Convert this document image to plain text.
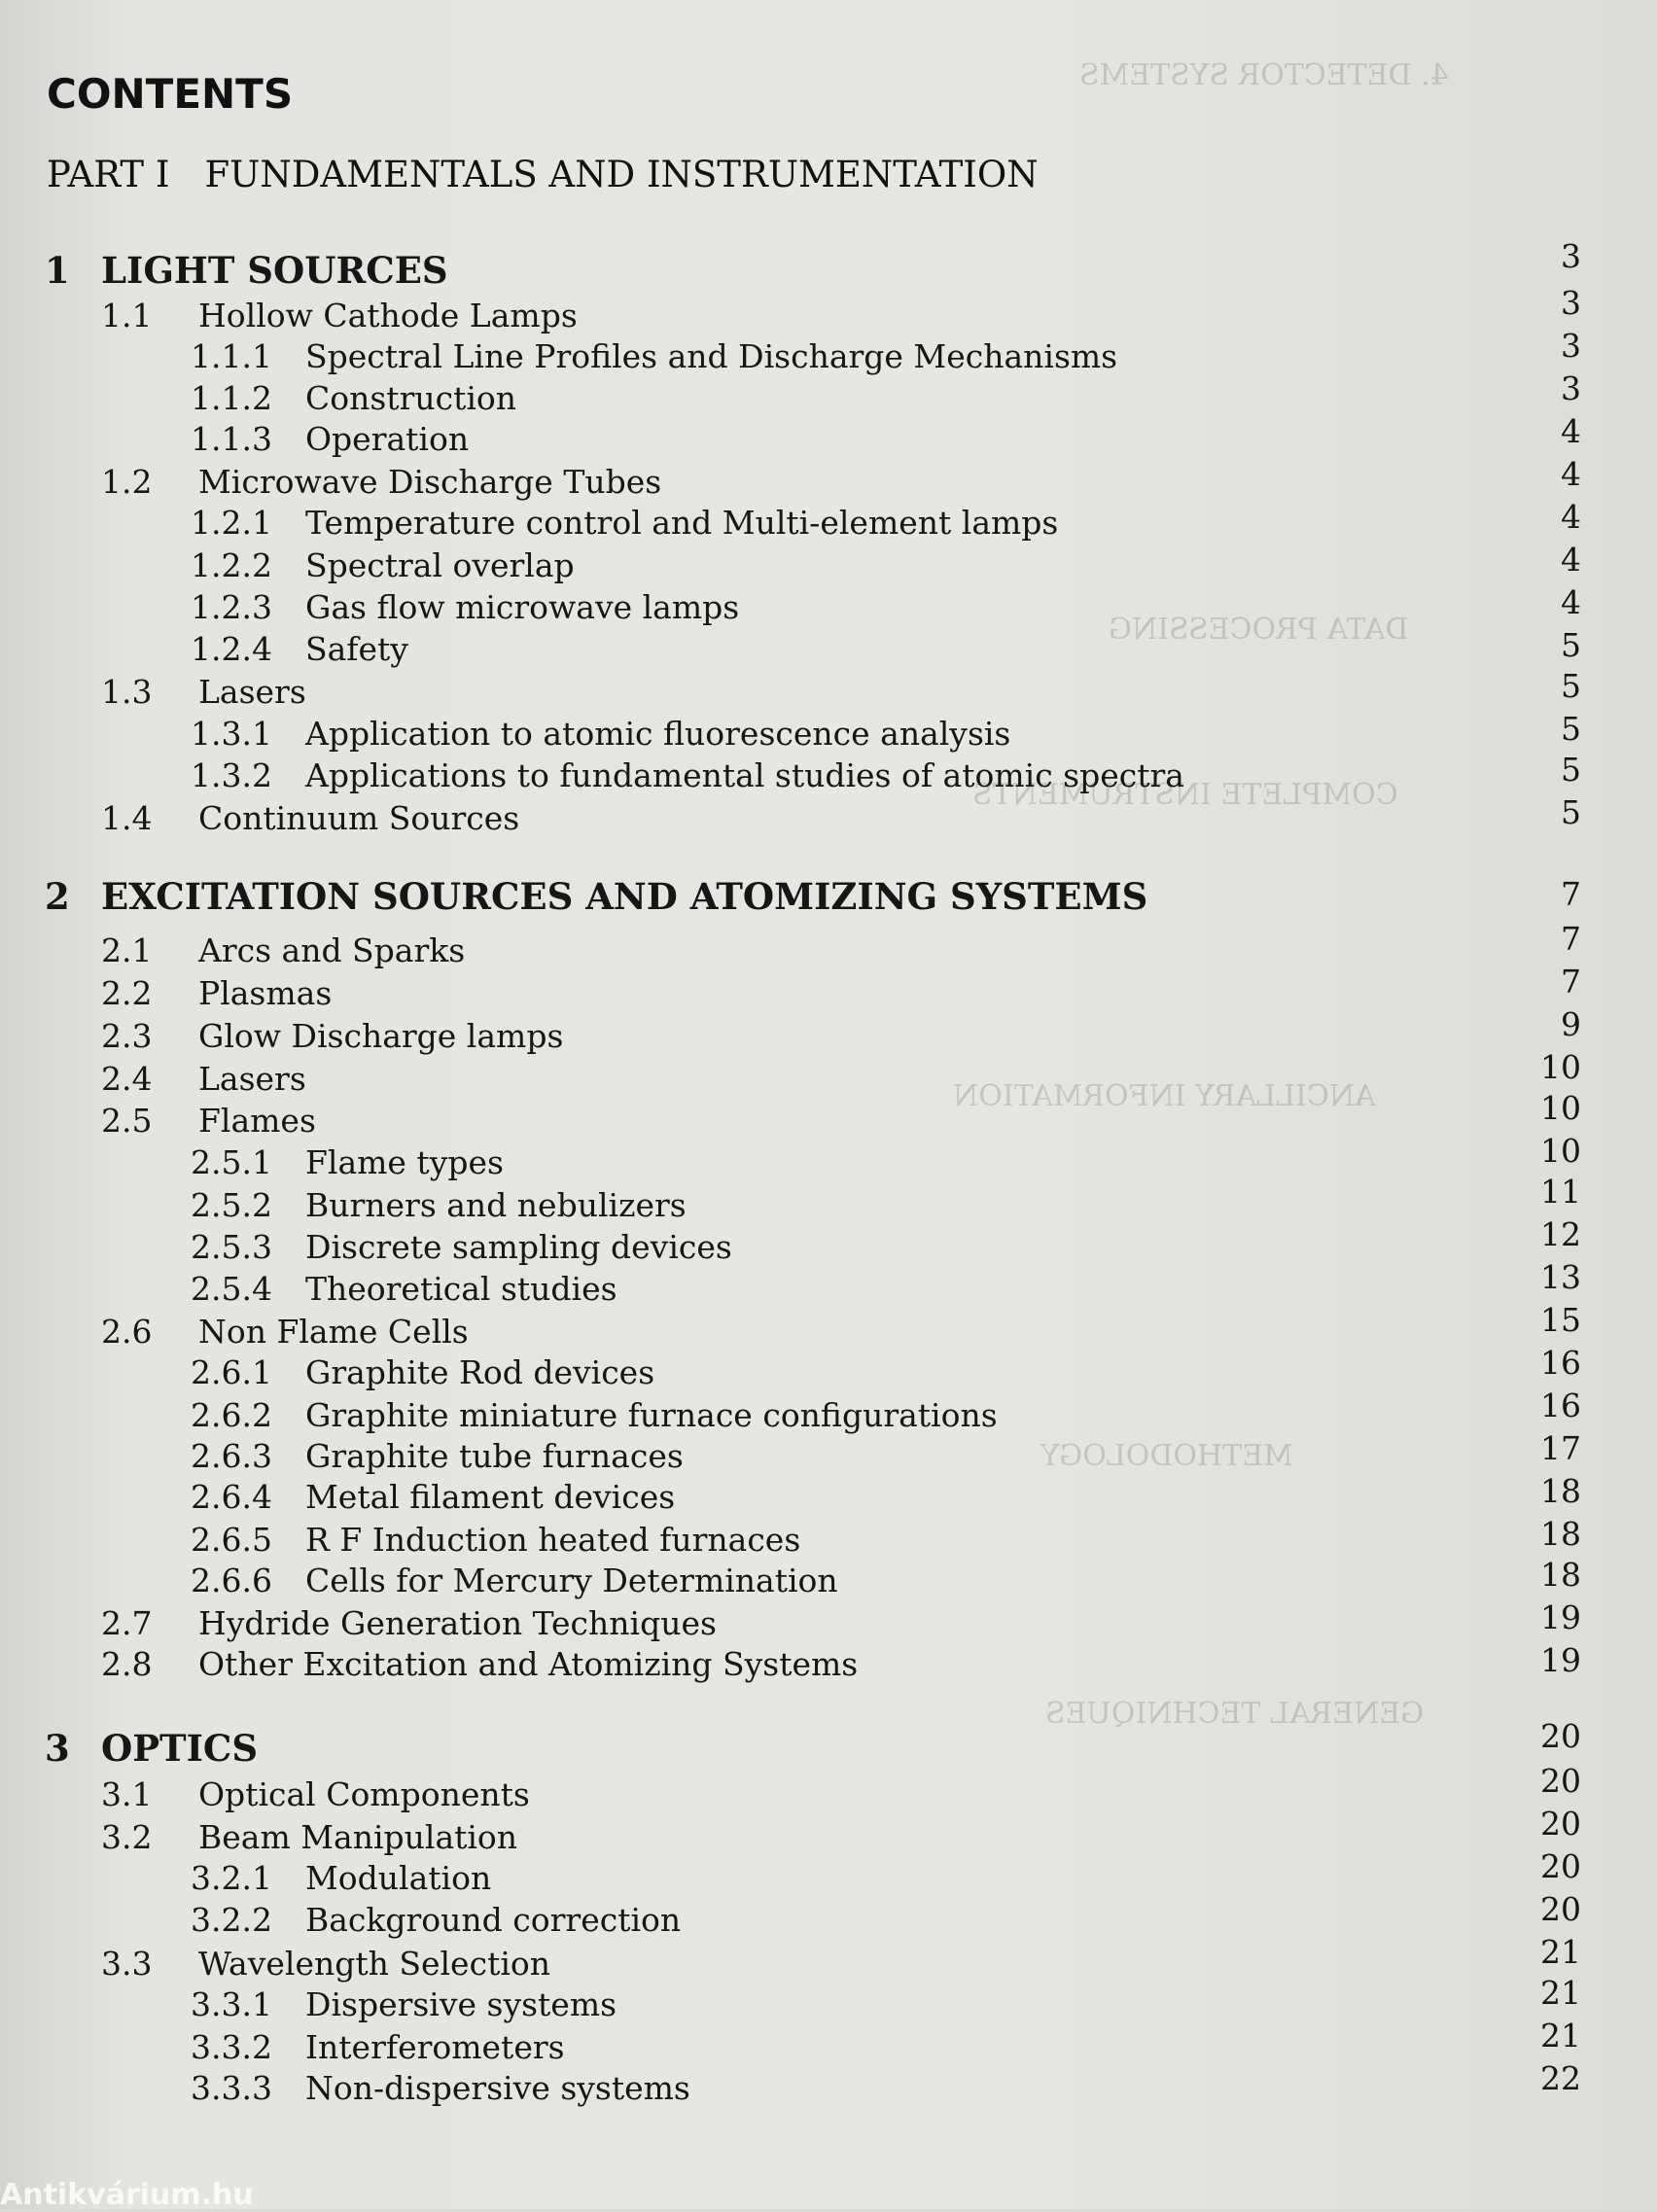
4. DETECTOR SYSTEMS
DATA PROCESSING
COMPLETE INSTRUMENTS
ANCILLARY INFORMATION
METHODOLOGY
GENERAL TECHNIQUES
CONTENTS
PART I FUNDAMENTALS AND INSTRUMENTATION
1 LIGHT SOURCES
1.1 Hollow Cathode Lamps
1.1.1 Spectral Line Profiles and Discharge Mechanisms
1.1.2 Construction
1.1.3 Operation
1.2 Microwave Discharge Tubes
1.2.1 Temperature control and Multi-element lamps
1.2.2 Spectral overlap
1.2.3 Gas flow microwave lamps
1.2.4 Safety
1.3 Lasers
1.3.1 Application to atomic fluorescence analysis
1.3.2 Applications to fundamental studies of atomic spectra
1.4 Continuum Sources
2 EXCITATION SOURCES AND ATOMIZING SYSTEMS
2.1 Arcs and Sparks
2.2 Plasmas
2.3 Glow Discharge lamps
2.4 Lasers
2.5 Flames
2.5.1 Flame types
2.5.2 Burners and nebulizers
2.5.3 Discrete sampling devices
2.5.4 Theoretical studies
2.6 Non Flame Cells
2.6.1 Graphite Rod devices
2.6.2 Graphite miniature furnace configurations
2.6.3 Graphite tube furnaces
2.6.4 Metal filament devices
2.6.5 R F Induction heated furnaces
2.6.6 Cells for Mercury Determination
2.7 Hydride Generation Techniques
2.8 Other Excitation and Atomizing Systems
3 OPTICS
3.1 Optical Components
3.2 Beam Manipulation
3.2.1 Modulation
3.2.2 Background correction
3.3 Wavelength Selection
3.3.1 Dispersive systems
3.3.2 Interferometers
3.3.3 Non-dispersive systems
3
3
3
3
4
4
4
4
4
5
5
5
5
5
7
7
7
9
10
10
10
11
12
13
15
16
16
17
18
18
18
19
19
20
20
20
20
20
21
21
21
22
Antikvárium.hu
